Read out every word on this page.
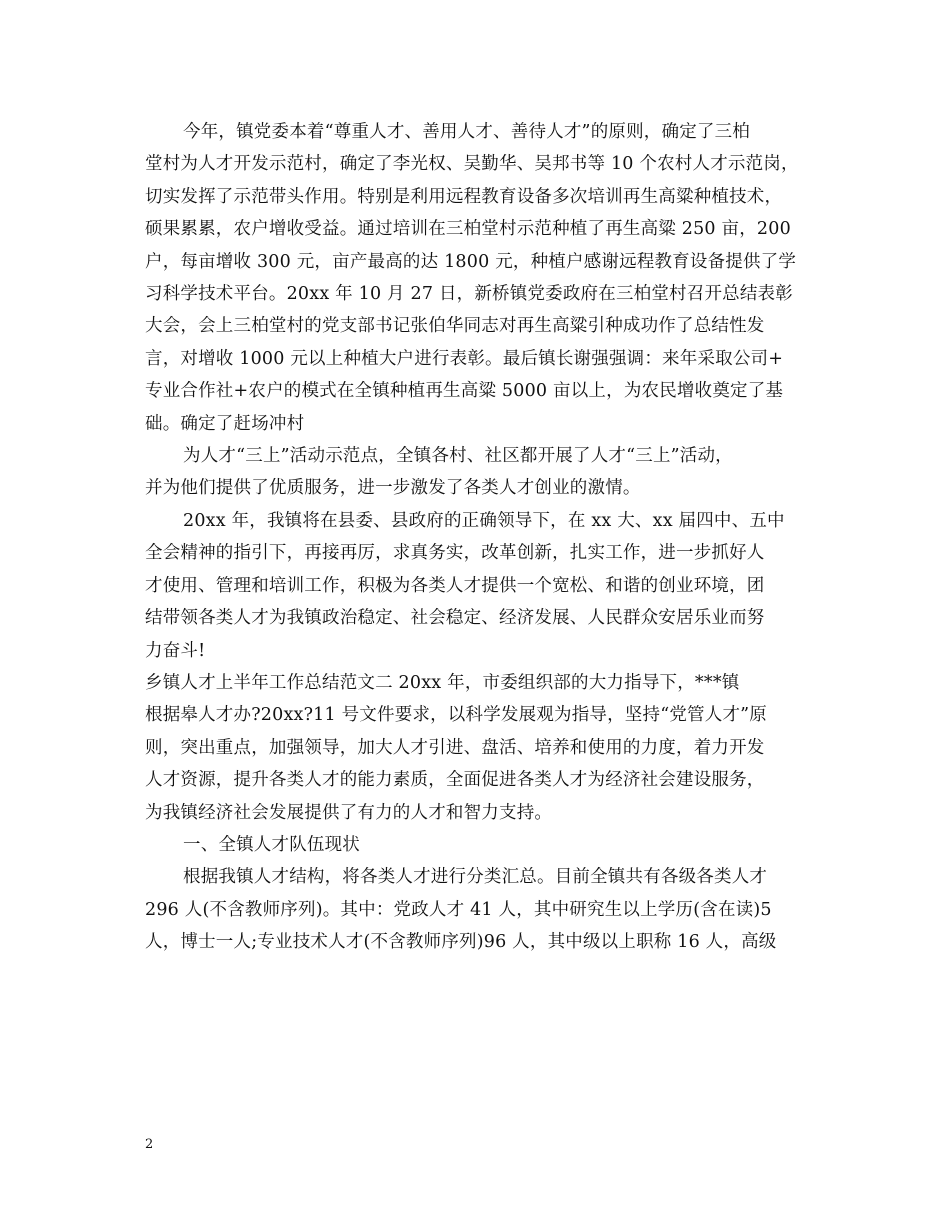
今年，镇党委本着“尊重人才、善用人才、善待人才”的原则，确定了三柏
堂村为人才开发示范村，确定了李光权、吴勤华、吴邦书等 10 个农村人才示范岗，
切实发挥了示范带头作用。特别是利用远程教育设备多次培训再生高粱种植技术，
硕果累累，农户增收受益。通过培训在三柏堂村示范种植了再生高粱 250 亩，200
户，每亩增收 300 元，亩产最高的达 1800 元，种植户感谢远程教育设备提供了学
习科学技术平台。20xx 年 10 月 27 日，新桥镇党委政府在三柏堂村召开总结表彰
大会，会上三柏堂村的党支部书记张伯华同志对再生高粱引种成功作了总结性发
言，对增收 1000 元以上种植大户进行表彰。最后镇长谢强强调：来年采取公司+
专业合作社+农户的模式在全镇种植再生高粱 5000 亩以上，为农民增收奠定了基
础。确定了赶场冲村

为人才“三上”活动示范点，全镇各村、社区都开展了人才“三上”活动，
并为他们提供了优质服务，进一步激发了各类人才创业的激情。

20xx 年，我镇将在县委、县政府的正确领导下，在 xx 大、xx 届四中、五中
全会精神的指引下，再接再厉，求真务实，改革创新，扎实工作，进一步抓好人
才使用、管理和培训工作，积极为各类人才提供一个宽松、和谐的创业环境，团
结带领各类人才为我镇政治稳定、社会稳定、经济发展、人民群众安居乐业而努
力奋斗!

乡镇人才上半年工作总结范文二 20xx 年，市委组织部的大力指导下，***镇
根据皋人才办?20xx?11 号文件要求，以科学发展观为指导，坚持“党管人才”原
则，突出重点，加强领导，加大人才引进、盘活、培养和使用的力度，着力开发
人才资源，提升各类人才的能力素质，全面促进各类人才为经济社会建设服务，
为我镇经济社会发展提供了有力的人才和智力支持。

一、全镇人才队伍现状

根据我镇人才结构，将各类人才进行分类汇总。目前全镇共有各级各类人才
296 人(不含教师序列)。其中：党政人才 41 人，其中研究生以上学历(含在读)5
人，博士一人;专业技术人才(不含教师序列)96 人，其中级以上职称 16 人，高级

2
